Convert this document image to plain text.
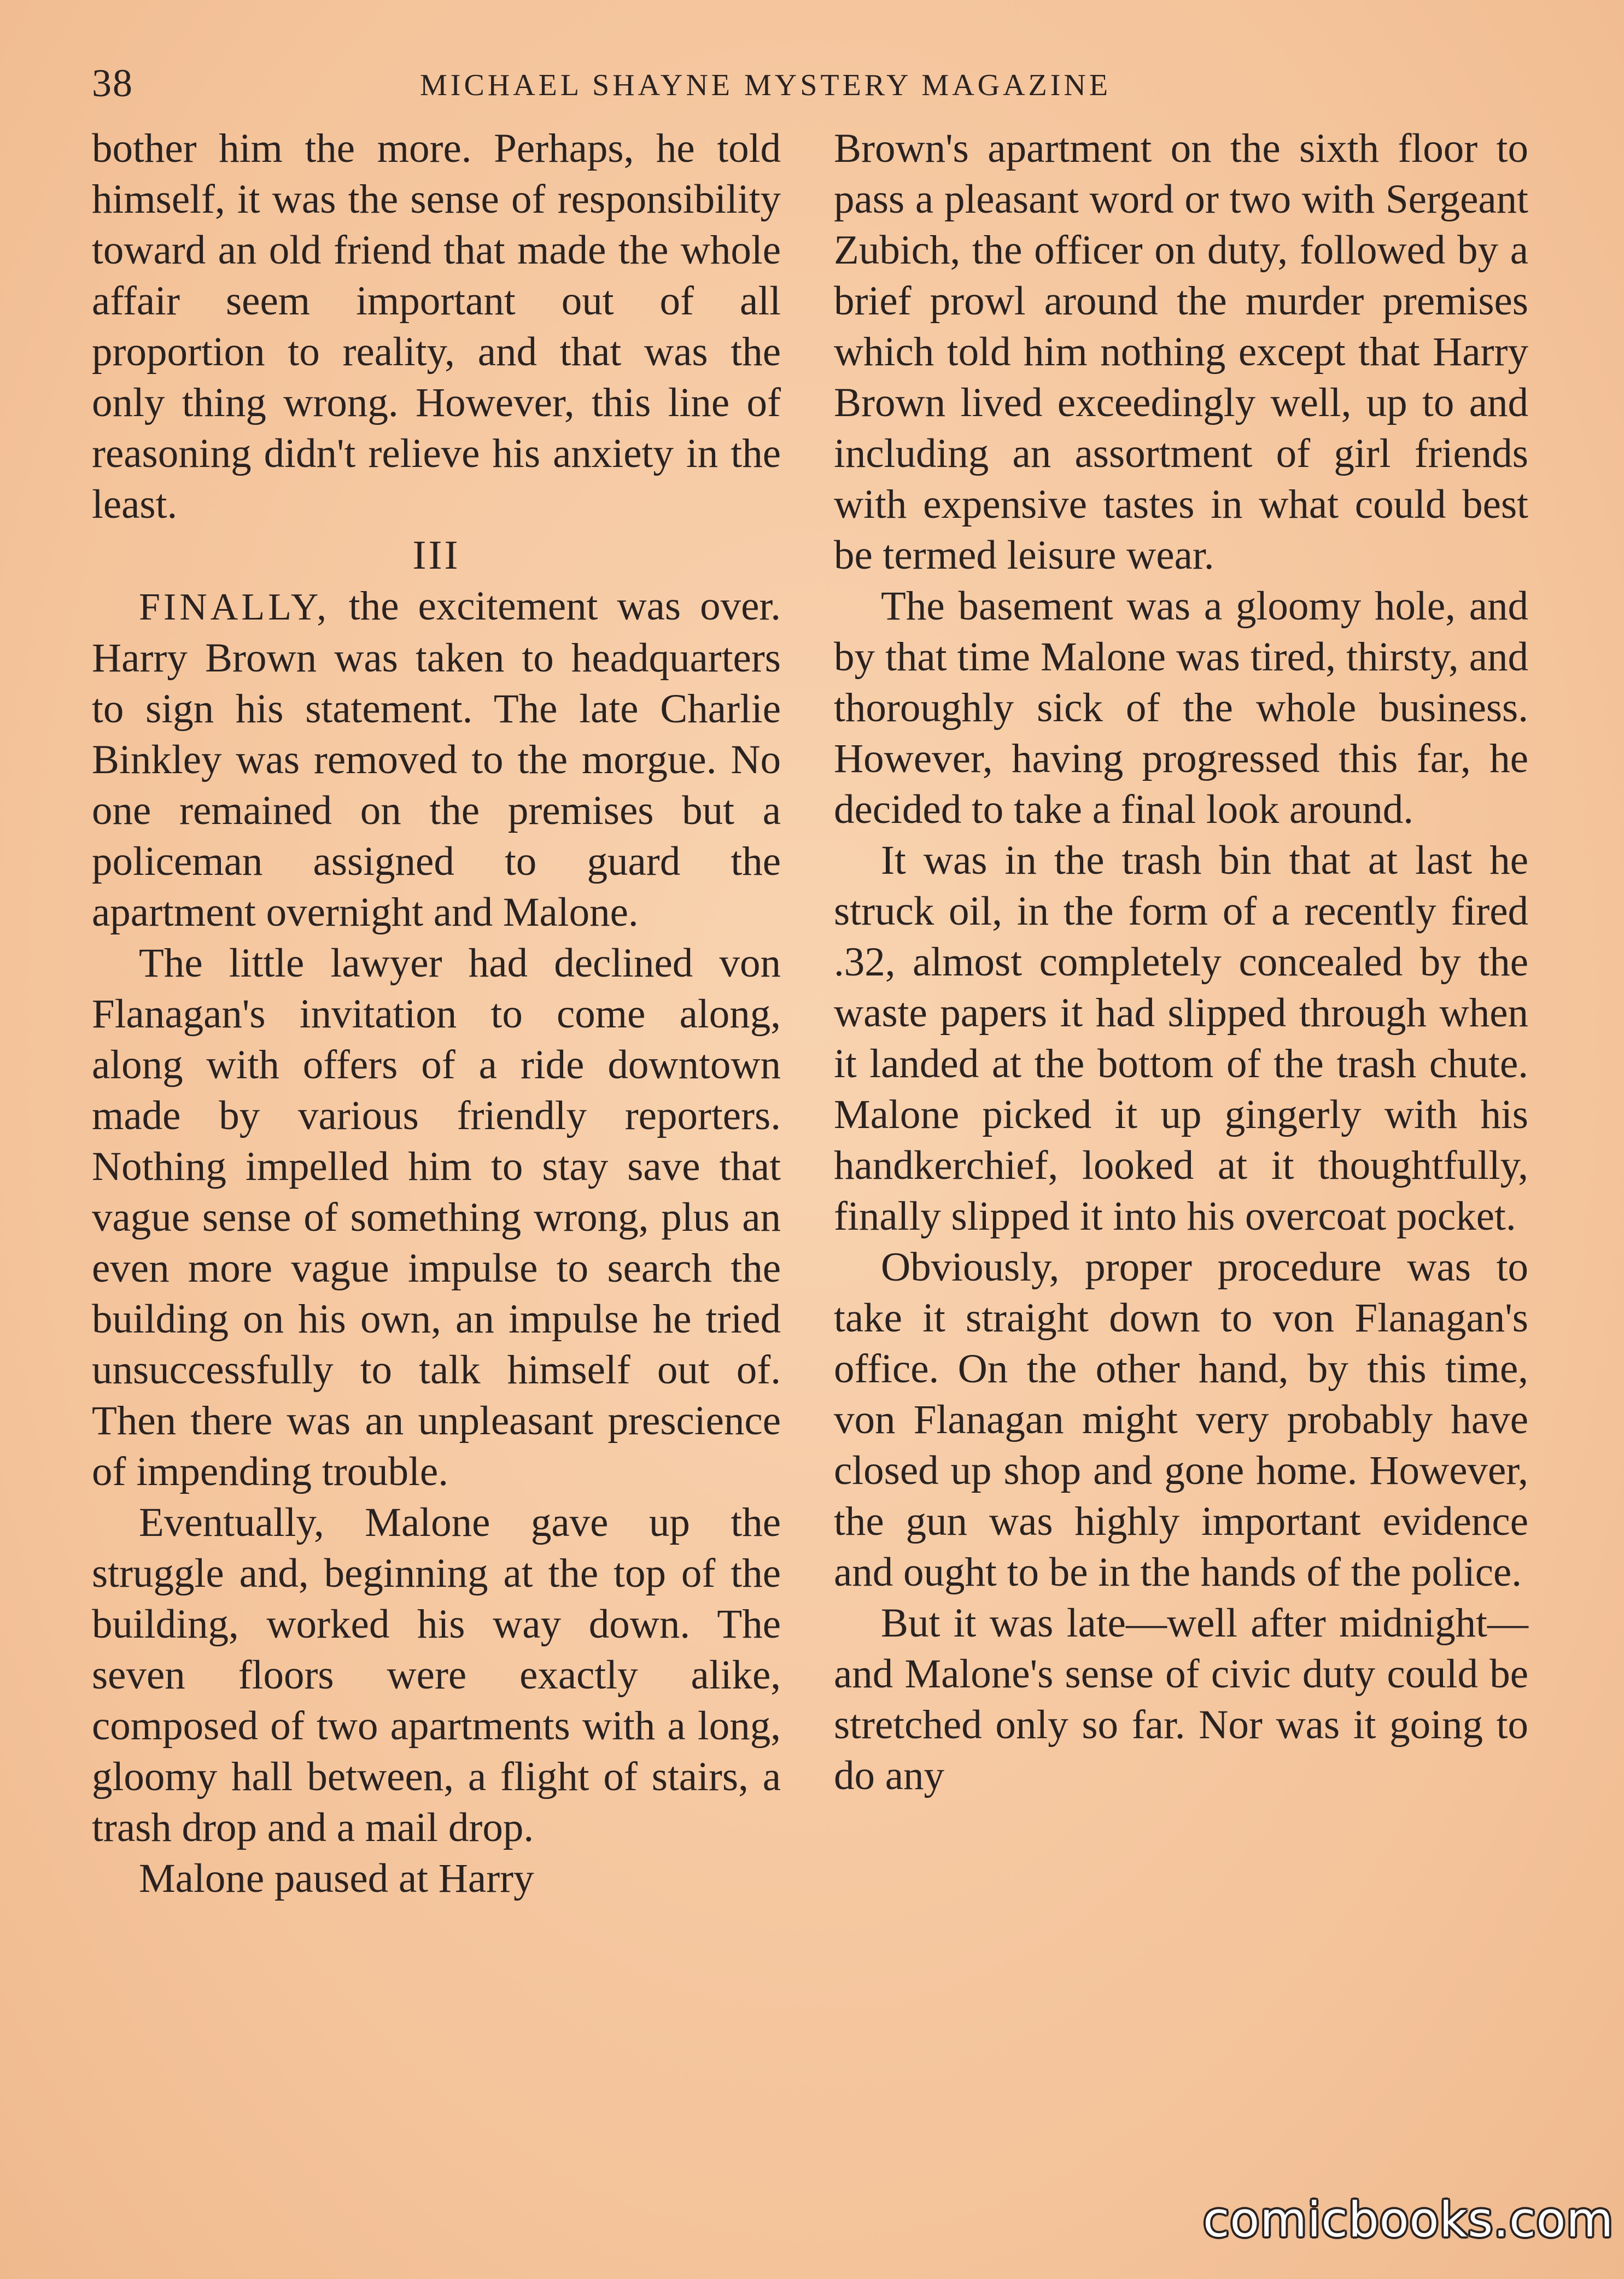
38	MICHAEL SHAYNE MYSTERY MAGAZINE

bother him the more. Perhaps, he told himself, it was the sense of responsibility toward an old friend that made the whole affair seem important out of all proportion to reality, and that was the only thing wrong. However, this line of reasoning didn't relieve his anxiety in the least.

III

FINALLY, the excitement was over. Harry Brown was taken to headquarters to sign his statement. The late Charlie Binkley was removed to the morgue. No one remained on the premises but a policeman assigned to guard the apartment overnight and Malone.

The little lawyer had declined von Flanagan's invitation to come along, along with offers of a ride downtown made by various friendly reporters. Nothing impelled him to stay save that vague sense of something wrong, plus an even more vague impulse to search the building on his own, an impulse he tried unsuccessfully to talk himself out of. Then there was an unpleasant prescience of impending trouble.

Eventually, Malone gave up the struggle and, beginning at the top of the building, worked his way down. The seven floors were exactly alike, composed of two apartments with a long, gloomy hall between, a flight of stairs, a trash drop and a mail drop.

Malone paused at Harry

Brown's apartment on the sixth floor to pass a pleasant word or two with Sergeant Zubich, the officer on duty, followed by a brief prowl around the murder premises which told him nothing except that Harry Brown lived exceedingly well, up to and including an assortment of girl friends with expensive tastes in what could best be termed leisure wear.

The basement was a gloomy hole, and by that time Malone was tired, thirsty, and thoroughly sick of the whole business. However, having progressed this far, he decided to take a final look around.

It was in the trash bin that at last he struck oil, in the form of a recently fired .32, almost completely concealed by the waste papers it had slipped through when it landed at the bottom of the trash chute. Malone picked it up gingerly with his handkerchief, looked at it thoughtfully, finally slipped it into his overcoat pocket.

Obviously, proper procedure was to take it straight down to von Flanagan's office. On the other hand, by this time, von Flanagan might very probably have closed up shop and gone home. However, the gun was highly important evidence and ought to be in the hands of the police.

But it was late—well after midnight—and Malone's sense of civic duty could be stretched only so far. Nor was it going to do any

comicbooks.com
